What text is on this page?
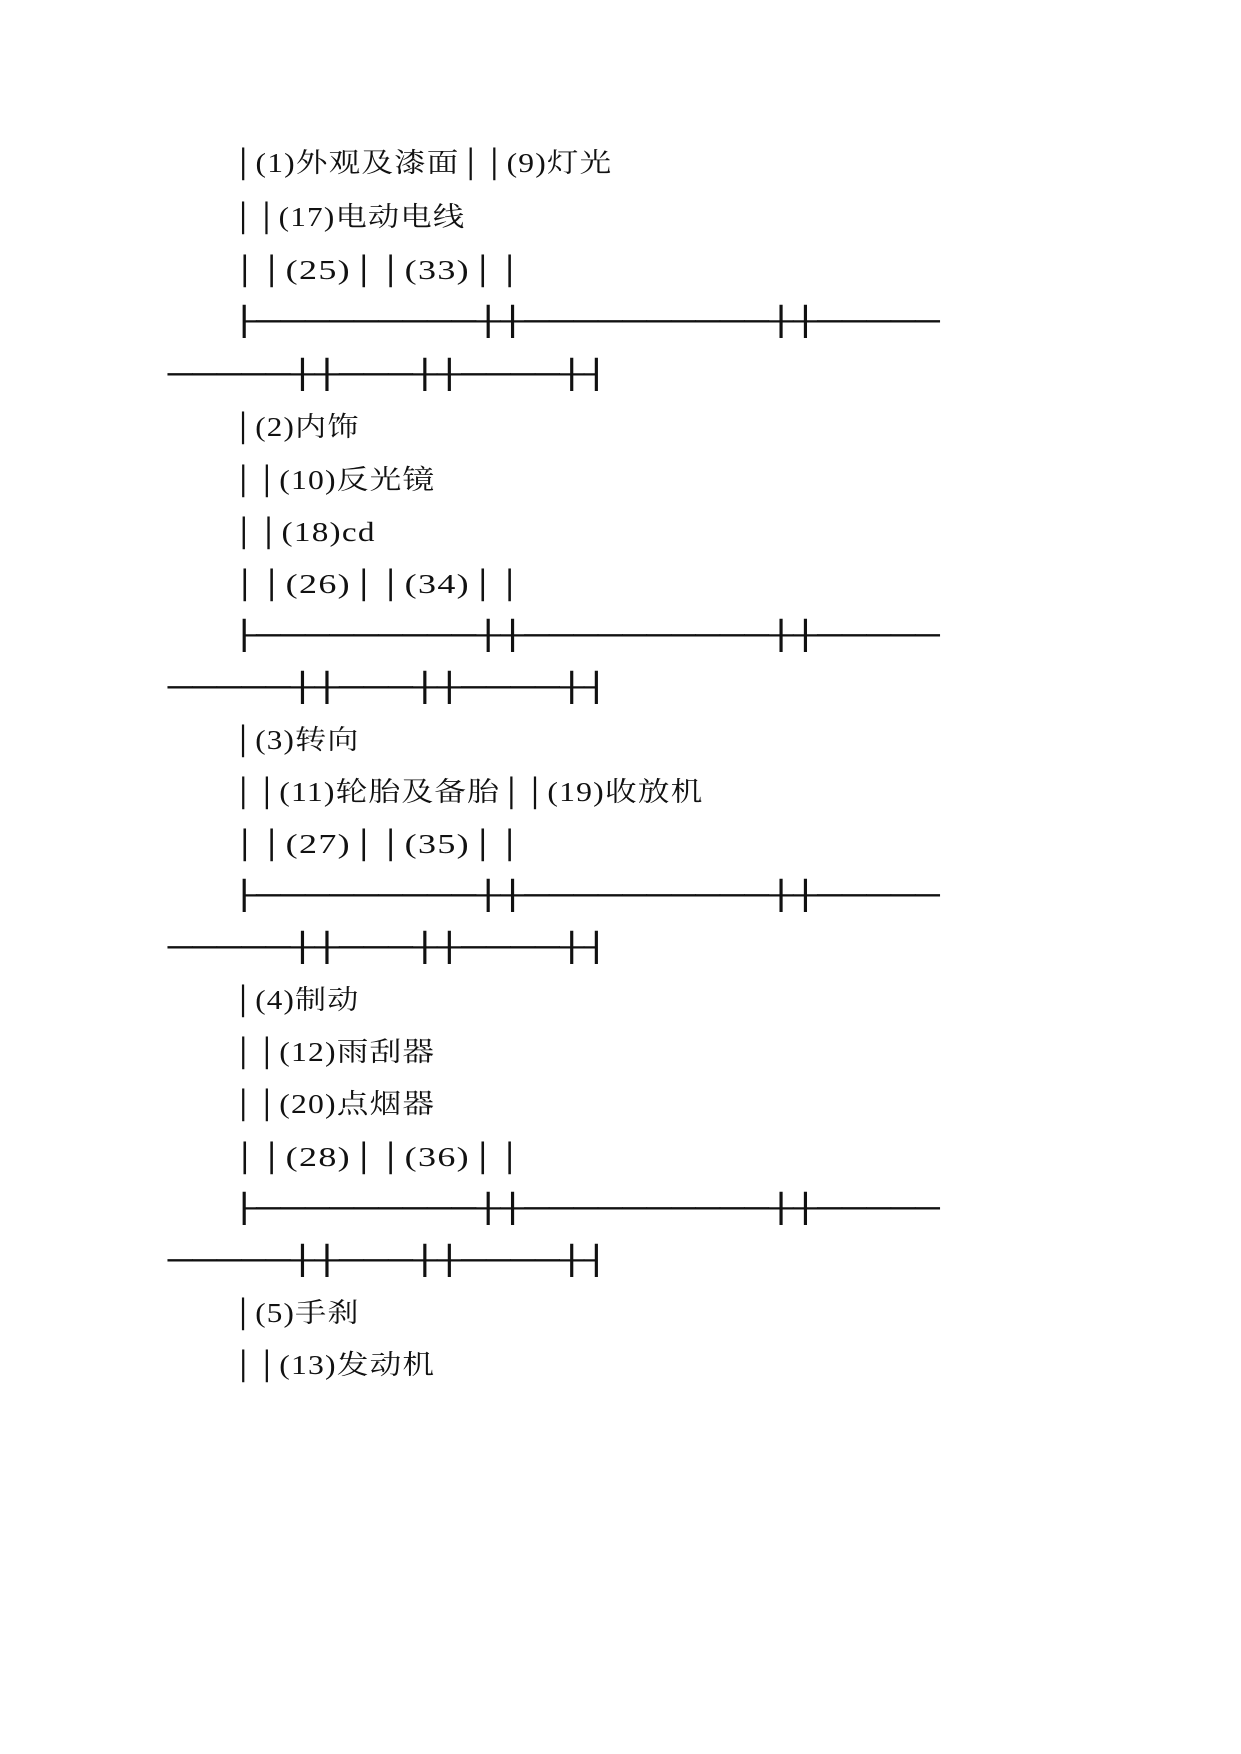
│(1)外观及漆面││(9)灯光
││(17)电动电线
││(25)││(33)││
├─────────┼┼──────────┼┼─────
─────┼┼───┼┼────┼┤
│(2)内饰
││(10)反光镜
││(18)cd
││(26)││(34)││
├─────────┼┼──────────┼┼─────
─────┼┼───┼┼────┼┤
│(3)转向
││(11)轮胎及备胎││(19)收放机
││(27)││(35)││
├─────────┼┼──────────┼┼─────
─────┼┼───┼┼────┼┤
│(4)制动
││(12)雨刮器
││(20)点烟器
││(28)││(36)││
├─────────┼┼──────────┼┼─────
─────┼┼───┼┼────┼┤
│(5)手刹
││(13)发动机
